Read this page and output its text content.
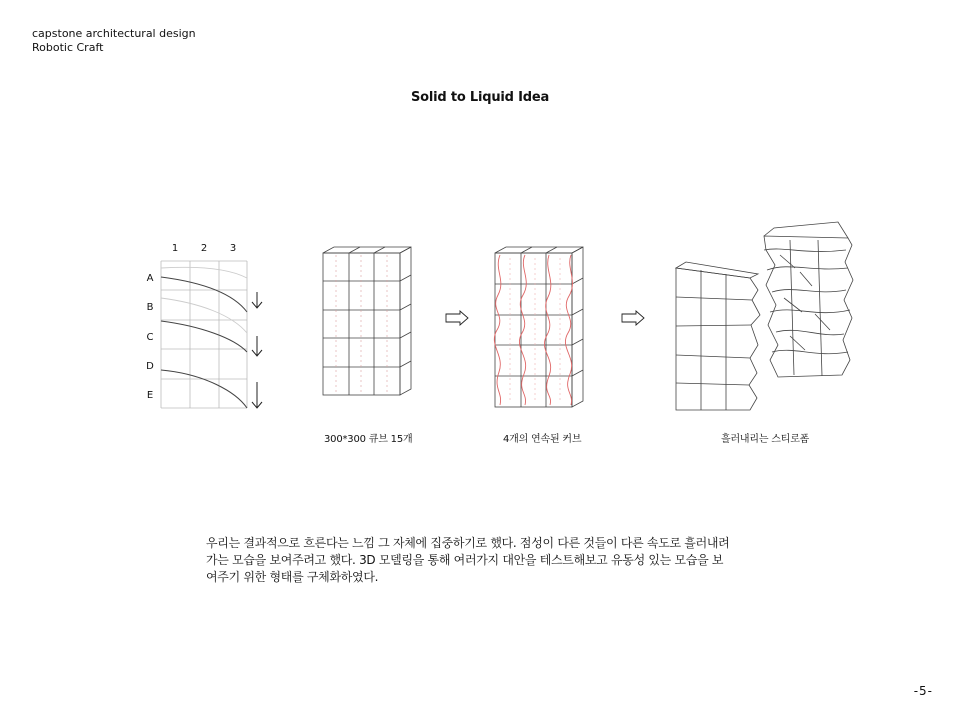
capstone architectural design
Robotic Craft
Solid to Liquid Idea
1 2 3
A
B
C
D
E
300*300 큐브 15개	4개의 연속된 커브	흘러내리는 스티로폼
우리는 결과적으로 흐른다는 느낌 그 자체에 집중하기로 했다. 점성이 다른 것들이 다른 속도로 흘러내려
가는 모습을 보여주려고 했다. 3D 모델링을 통해 여러가지 대안을 테스트해보고 유동성 있는 모습을 보
여주기 위한 형태를 구체화하였다.
-5-
